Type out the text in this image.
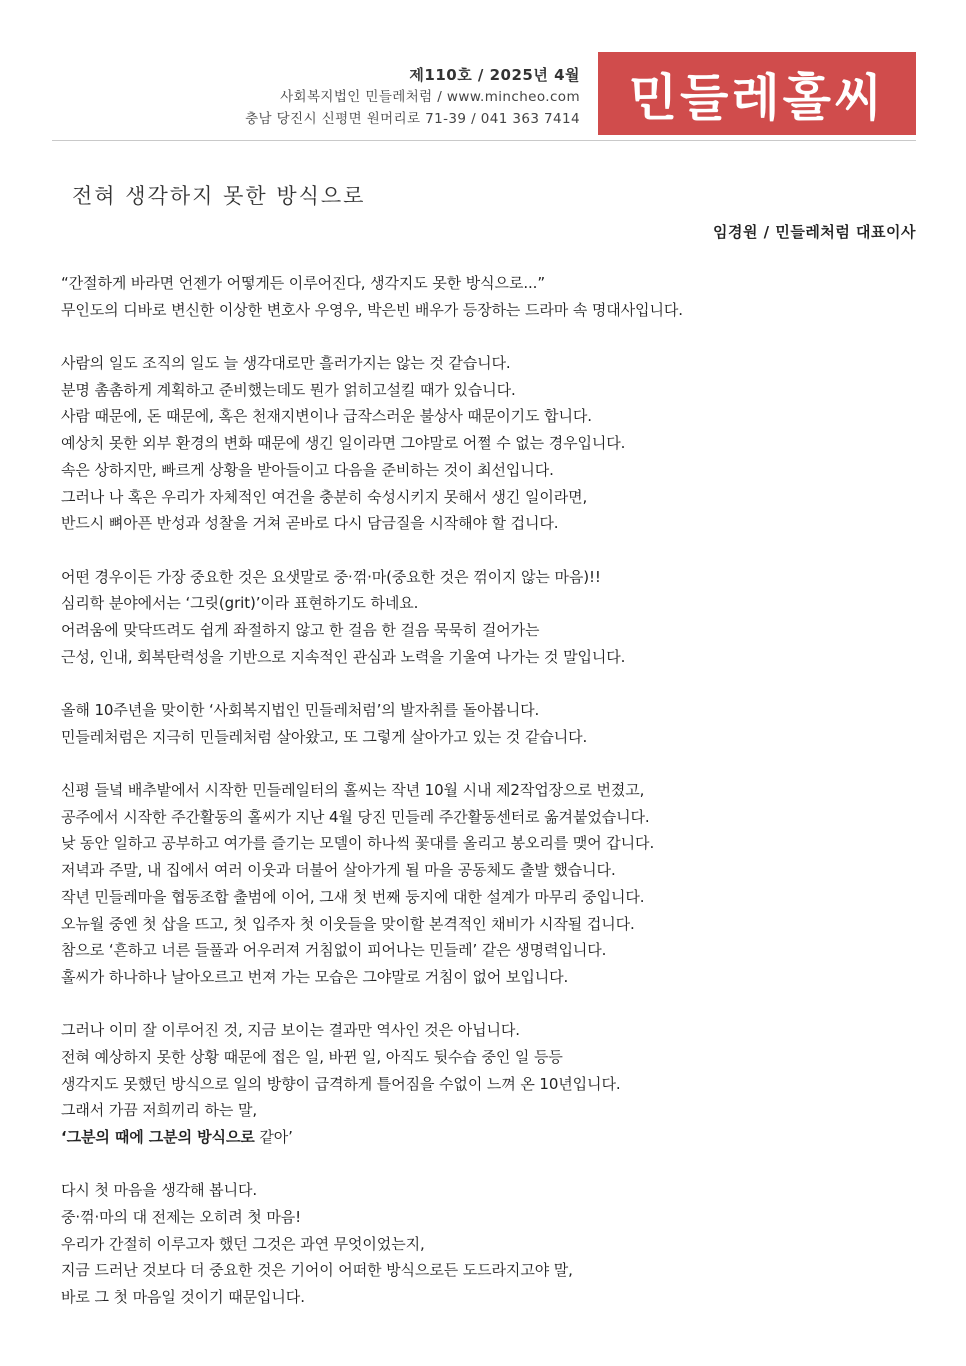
제110호 / 2025년 4월
사회복지법인 민들레처럼 / www.mincheo.com
충남 당진시 신평면 원머리로 71-39 / 041 363 7414 민들레홀씨
전혀 생각하지 못한 방식으로
임경원 / 민들레처럼 대표이사
“간절하게 바라면 언젠가 어떻게든 이루어진다, 생각지도 못한 방식으로...”
무인도의 디바로 변신한 이상한 변호사 우영우, 박은빈 배우가 등장하는 드라마 속 명대사입니다.
사람의 일도 조직의 일도 늘 생각대로만 흘러가지는 않는 것 같습니다.
분명 촘촘하게 계획하고 준비했는데도 뭔가 얽히고설킬 때가 있습니다.
사람 때문에, 돈 때문에, 혹은 천재지변이나 급작스러운 불상사 때문이기도 합니다.
예상치 못한 외부 환경의 변화 때문에 생긴 일이라면 그야말로 어쩔 수 없는 경우입니다.
속은 상하지만, 빠르게 상황을 받아들이고 다음을 준비하는 것이 최선입니다.
그러나 나 혹은 우리가 자체적인 여건을 충분히 숙성시키지 못해서 생긴 일이라면,
반드시 뼈아픈 반성과 성찰을 거쳐 곧바로 다시 담금질을 시작해야 할 겁니다.
어떤 경우이든 가장 중요한 것은 요샛말로 중·꺾·마(중요한 것은 꺾이지 않는 마음)!!
심리학 분야에서는 ‘그릿(grit)’이라 표현하기도 하네요.
어려움에 맞닥뜨려도 쉽게 좌절하지 않고 한 걸음 한 걸음 묵묵히 걸어가는
근성, 인내, 회복탄력성을 기반으로 지속적인 관심과 노력을 기울여 나가는 것 말입니다.
올해 10주년을 맞이한 ‘사회복지법인 민들레처럼’의 발자취를 돌아봅니다.
민들레처럼은 지극히 민들레처럼 살아왔고, 또 그렇게 살아가고 있는 것 같습니다.
신평 들녘 배추밭에서 시작한 민들레일터의 홀씨는 작년 10월 시내 제2작업장으로 번졌고,
공주에서 시작한 주간활동의 홀씨가 지난 4월 당진 민들레 주간활동센터로 옮겨붙었습니다.
낮 동안 일하고 공부하고 여가를 즐기는 모델이 하나씩 꽃대를 올리고 봉오리를 맺어 갑니다.
저녁과 주말, 내 집에서 여러 이웃과 더불어 살아가게 될 마을 공동체도 출발 했습니다.
작년 민들레마을 협동조합 출범에 이어, 그새 첫 번째 둥지에 대한 설계가 마무리 중입니다.
오뉴월 중엔 첫 삽을 뜨고, 첫 입주자 첫 이웃들을 맞이할 본격적인 채비가 시작될 겁니다.
참으로 ‘흔하고 너른 들풀과 어우러져 거침없이 피어나는 민들레’ 같은 생명력입니다.
홀씨가 하나하나 날아오르고 번져 가는 모습은 그야말로 거침이 없어 보입니다.
그러나 이미 잘 이루어진 것, 지금 보이는 결과만 역사인 것은 아닙니다.
전혀 예상하지 못한 상황 때문에 접은 일, 바뀐 일, 아직도 뒷수습 중인 일 등등
생각지도 못했던 방식으로 일의 방향이 급격하게 틀어짐을 수없이 느껴 온 10년입니다.
그래서 가끔 저희끼리 하는 말,
‘그분의 때에 그분의 방식으로 같아’
다시 첫 마음을 생각해 봅니다.
중·꺾·마의 대 전제는 오히려 첫 마음!
우리가 간절히 이루고자 했던 그것은 과연 무엇이었는지,
지금 드러난 것보다 더 중요한 것은 기어이 어떠한 방식으로든 도드라지고야 말,
바로 그 첫 마음일 것이기 때문입니다.
